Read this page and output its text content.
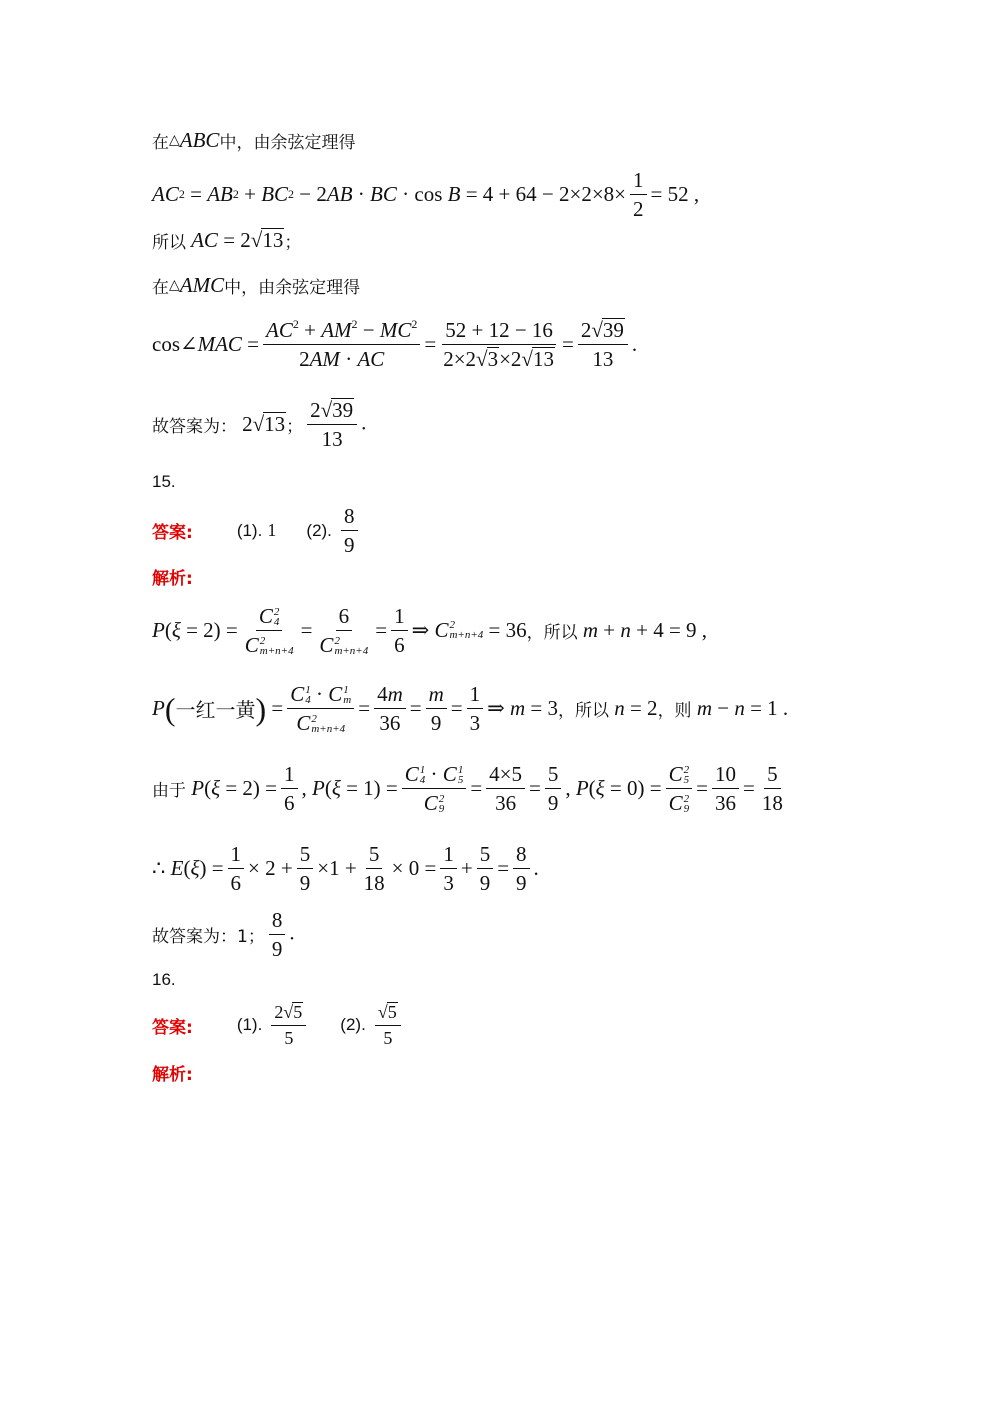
在 △ ABC 中，由余弦定理得
AC 2 = AB 2 + BC 2 − 2 AB · BC · $\cos B = 4 + 64 - 2\times 2\times 8\times \frac{1}{2} = 52$ ,
所以
AC = 2√13 ；
在 △ AMC 中，由余弦定理得
cos∠ MAC = $\frac{AC^2 + AM^2 - MC^2}{2AM \cdot AC} = \frac{52 + 12 - 16}{2\times 2√3\times 2√13} = \frac{2√39}{13}$ .
故答案为：
2√13 ； $\frac{2√39}{13}$ .
15.
答案:	(1).
1 (2).
$\frac{8}{9}$
解析:
P ( ξ = 2) = C 2
4
C 2
m+n+4 = 6
C 2
$m+n+4 = \frac{1}{6}$ ⇒ C 2
m+n+4 = 36 ，所以
m + n + 4 = 9 ,
P ( 一红一黄 ) = C 1
4 · C 1
m
C 2
$m+n+4 = \frac{4m}{36} = \frac{m}{9} = \frac{1}{3}$ ⇒ m = 3 ，所以
n = 2 ，则
m − n = 1 .
由于
P ( $\xi = 2) = \frac{1}{6}$ , P ( ξ = 1) = C 1
4 · C 1
5
C 2
$9 = \frac{4\times 5}{36} = \frac{5}{9}$ , P ( ξ = 0) = C 2
5
C 2
$9 = \frac{10}{36} = \frac{5}{18}$
∴ E ( ξ ) = $\frac{1}{6} \times 2 + \frac{5}{9} \times 1 + \frac{5}{18} \times 0 = \frac{1}{3} + \frac{5}{9} = \frac{8}{9}$ .
故答案为：1； $\frac{8}{9}$ .
16.
答案:	(1).
$\frac{2√5}{5} (2)$.
$\frac{√5}{5}$
解析:
